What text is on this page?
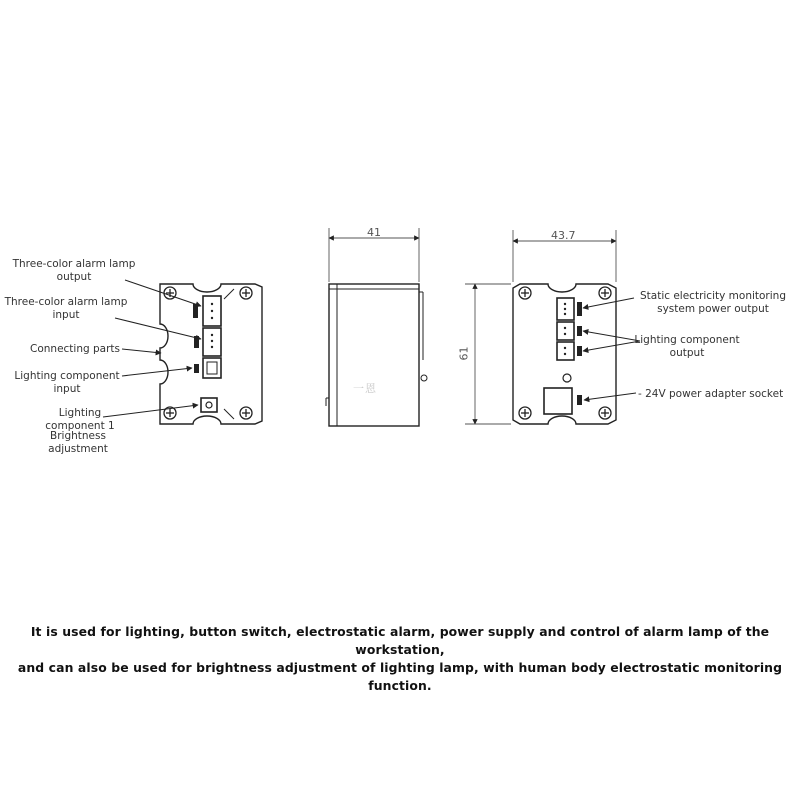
41	43.7
61
一恩
Three-color alarm lamp
output
Three-color alarm lamp
input
Connecting parts
Lighting component
input
Lighting
component 1
Brightness
adjustment
Static electricity monitoring
system power output
Lighting component
output
- 24V power adapter socket
It is used for lighting, button switch, electrostatic alarm, power supply and control of alarm lamp of the workstation,
and can also be used for brightness adjustment of lighting lamp, with human body electrostatic monitoring function.
